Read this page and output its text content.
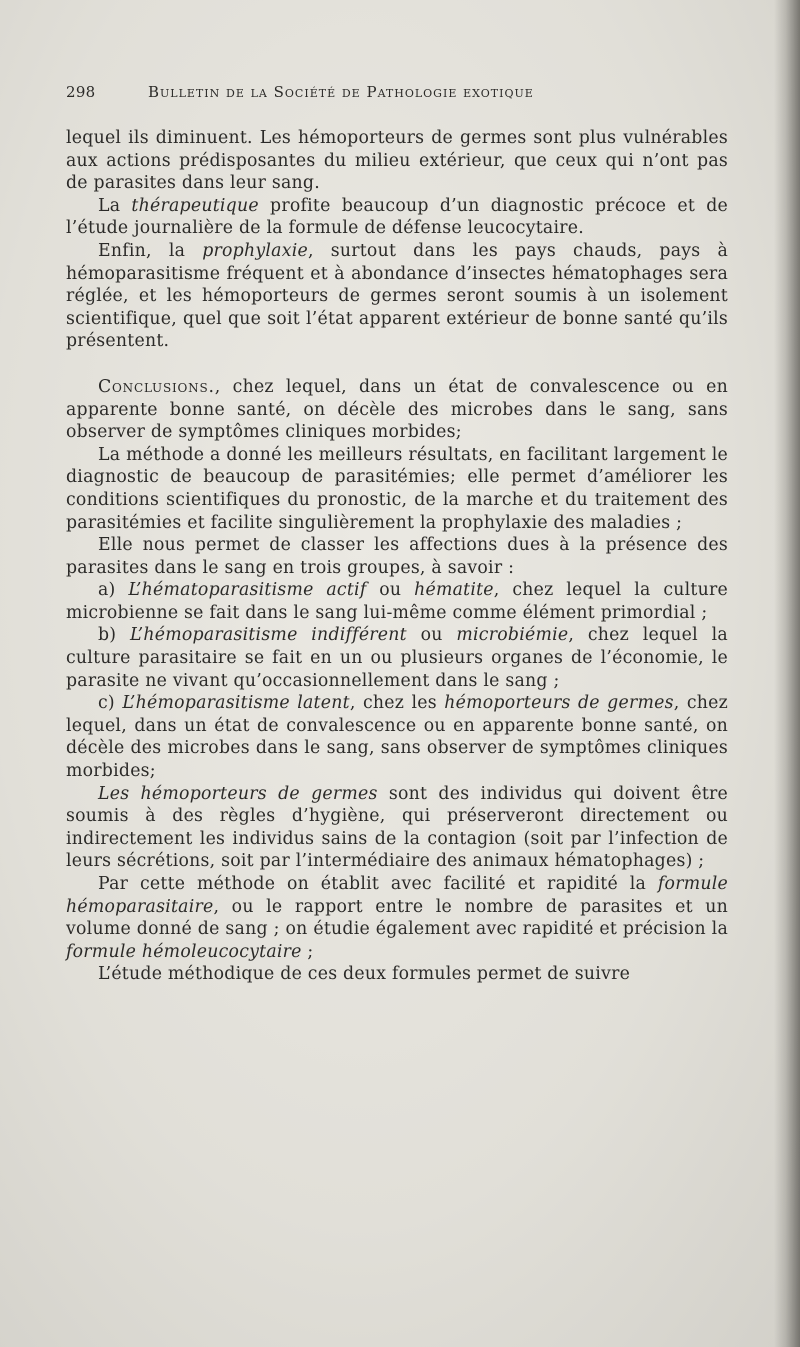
298	Bulletin de la Société de Pathologie exotique

lequel ils diminuent. Les hémoporteurs de germes sont plus vulnérables aux actions prédisposantes du milieu extérieur, que ceux qui n’ont pas de parasites dans leur sang.

La thérapeutique profite beaucoup d’un diagnostic précoce et de l’étude journalière de la formule de défense leucocytaire.

Enfin, la prophylaxie, surtout dans les pays chauds, pays à hémoparasitisme fréquent et à abondance d’insectes hématophages sera réglée, et les hémoporteurs de germes seront soumis à un isolement scientifique, quel que soit l’état apparent extérieur de bonne santé qu’ils présentent.

Conclusions., chez lequel, dans un état de convalescence ou en apparente bonne santé, on décèle des microbes dans le sang, sans observer de symptômes cliniques morbides;

La méthode a donné les meilleurs résultats, en facilitant largement le diagnostic de beaucoup de parasitémies; elle permet d’améliorer les conditions scientifiques du pronostic, de la marche et du traitement des parasitémies et facilite singulièrement la prophylaxie des maladies ;

Elle nous permet de classer les affections dues à la présence des parasites dans le sang en trois groupes, à savoir :

a) L’hématoparasitisme actif ou hématite, chez lequel la culture microbienne se fait dans le sang lui-même comme élément primordial ;

b) L’hémoparasitisme indifférent ou microbiémie, chez lequel la culture parasitaire se fait en un ou plusieurs organes de l’économie, le parasite ne vivant qu’occasionnellement dans le sang ;

c) L’hémoparasitisme latent, chez les hémoporteurs de germes, chez lequel, dans un état de convalescence ou en apparente bonne santé, on décèle des microbes dans le sang, sans observer de symptômes cliniques morbides;

Les hémoporteurs de germes sont des individus qui doivent être soumis à des règles d’hygiène, qui préserveront directement ou indirectement les individus sains de la contagion (soit par l’infection de leurs sécrétions, soit par l’intermédiaire des animaux hématophages) ;

Par cette méthode on établit avec facilité et rapidité la formule hémoparasitaire, ou le rapport entre le nombre de parasites et un volume donné de sang ; on étudie également avec rapidité et précision la formule hémoleucocytaire ;

L’étude méthodique de ces deux formules permet de suivre
